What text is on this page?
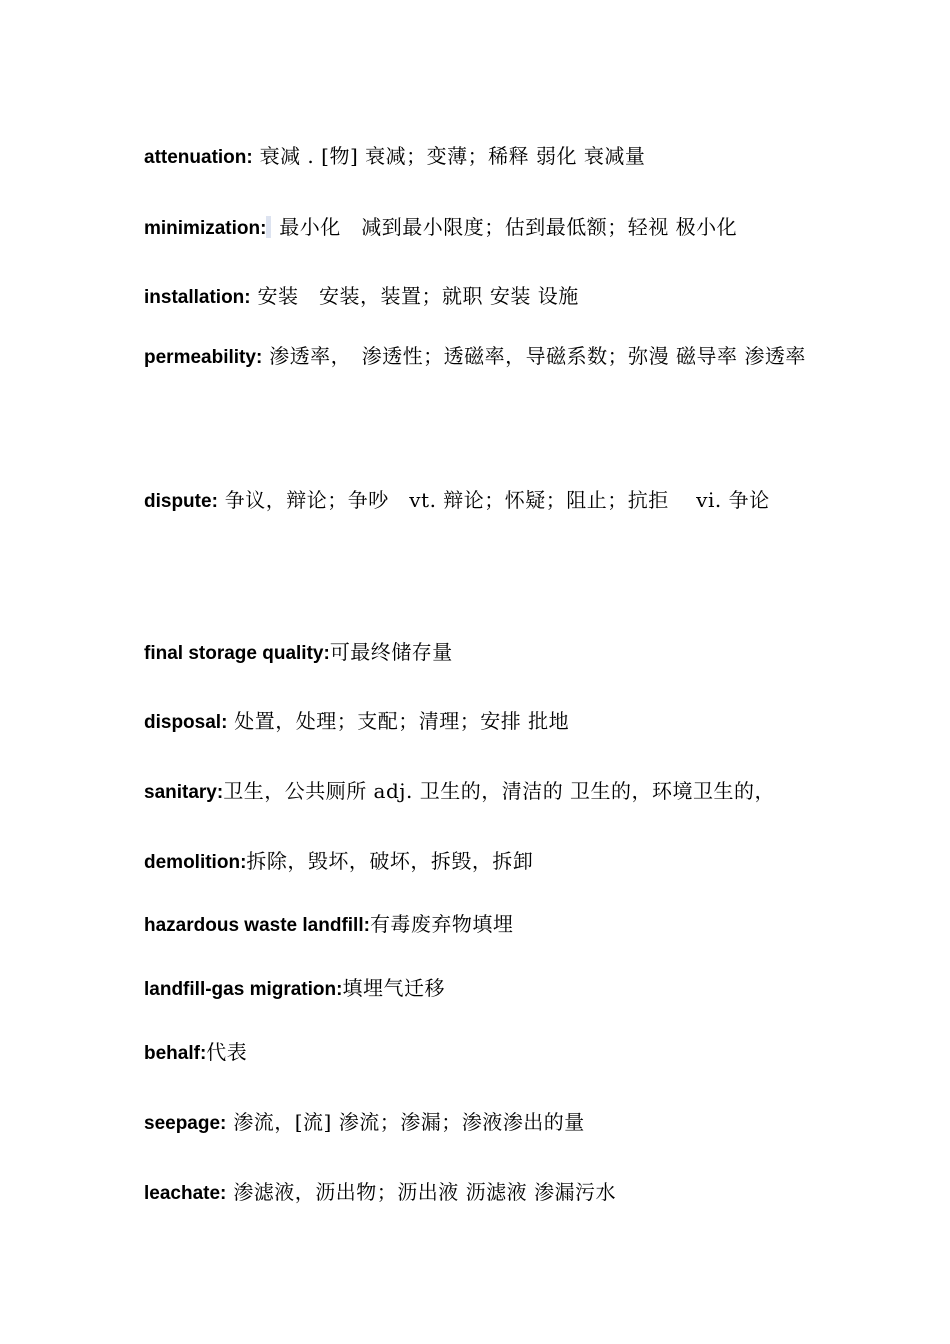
attenuation: 衰减 . [物] 衰减；变薄；稀释 弱化 衰减量
minimization: 最小化　减到最小限度；估到最低额；轻视 极小化
installation: 安装　安装，装置；就职 安装 设施
permeability: 渗透率，　渗透性；透磁率，导磁系数；弥漫 磁导率 渗透率
dispute: 争议，辩论；争吵　vt. 辩论；怀疑；阻止；抗拒　 vi. 争论
final storage quality:可最终储存量
disposal: 处置，处理；支配；清理；安排 批地
sanitary:卫生，公共厕所 adj. 卫生的，清洁的 卫生的，环境卫生的，
demolition:拆除，毁坏，破坏，拆毁，拆卸
hazardous waste landfill:有毒废弃物填埋
landfill-gas migration:填埋气迁移
behalf:代表
seepage: 渗流，[流] 渗流；渗漏；渗液渗出的量
leachate: 渗滤液，沥出物；沥出液 沥滤液 渗漏污水
